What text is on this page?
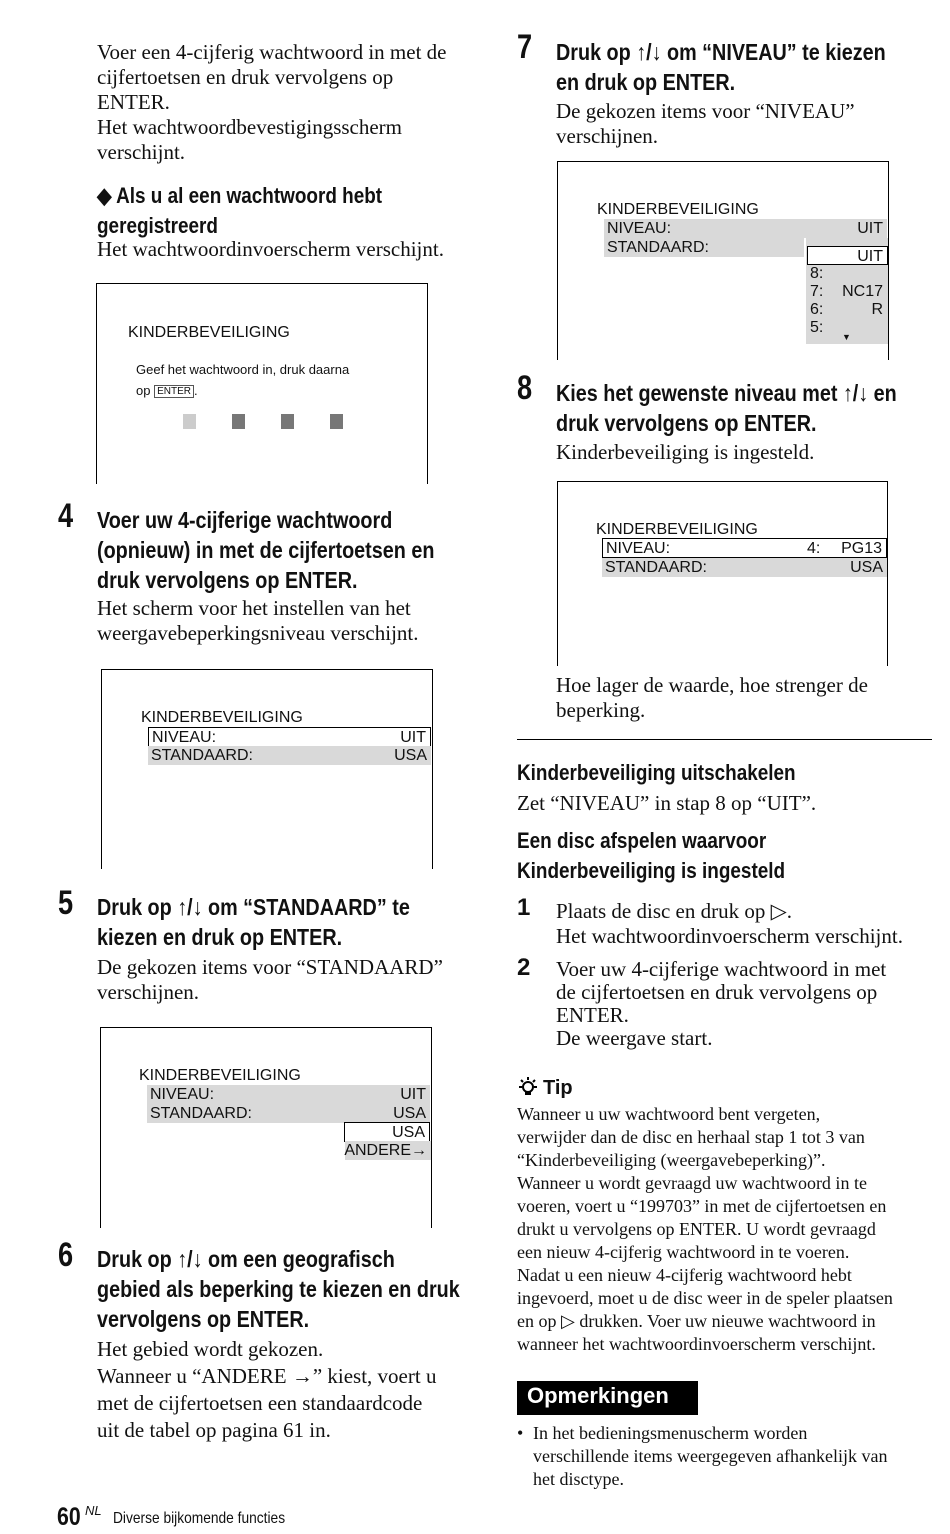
Voer een 4-cijferig wachtwoord in met de
cijfertoetsen en druk vervolgens op
ENTER.
Het wachtwoordbevestigingsscherm
verschijnt.
◆ Als u al een wachtwoord hebt
geregistreerd
Het wachtwoordinvoerscherm verschijnt.
KINDERBEVEILIGING
Geef het wachtwoord in, druk daarna
op ENTER .
4 Voer uw 4-cijferige wachtwoord
(opnieuw) in met de cijfertoetsen en
druk vervolgens op ENTER.
Het scherm voor het instellen van het
weergavebeperkingsniveau verschijnt.
KINDERBEVEILIGING
NIVEAU:	UIT
STANDAARD:	USA
5 Druk op ↑/↓ om “STANDAARD” te
kiezen en druk op ENTER.
De gekozen items voor “STANDAARD”
verschijnen.
KINDERBEVEILIGING
NIVEAU:	UIT
STANDAARD:	USA
USA
ANDERE→
6 Druk op ↑/↓ om een geografisch
gebied als beperking te kiezen en druk
vervolgens op ENTER.
Het gebied wordt gekozen.
Wanneer u “ANDERE →” kiest, voert u
met de cijfertoetsen een standaardcode
uit de tabel op pagina 61 in.
60 NL Diverse bijkomende functies
7 Druk op ↑/↓ om “NIVEAU” te kiezen
en druk op ENTER.
De gekozen items voor “NIVEAU”
verschijnen.
KINDERBEVEILIGING
NIVEAU:	UIT
STANDAARD:
UIT
8:
7: NC17
6:	R
5:
▼
8 Kies het gewenste niveau met ↑/↓ en
druk vervolgens op ENTER.
Kinderbeveiliging is ingesteld.
KINDERBEVEILIGING
NIVEAU:	4: PG13
STANDAARD:	USA
Hoe lager de waarde, hoe strenger de
beperking.
Kinderbeveiliging uitschakelen
Zet “NIVEAU” in stap 8 op “UIT”.
Een disc afspelen waarvoor
Kinderbeveiliging is ingesteld
1 Plaats de disc en druk op ▷.
Het wachtwoordinvoerscherm verschijnt.
2 Voer uw 4-cijferige wachtwoord in met
de cijfertoetsen en druk vervolgens op
ENTER.
De weergave start.
Tip
Wanneer u uw wachtwoord bent vergeten,
verwijder dan de disc en herhaal stap 1 tot 3 van
“Kinderbeveiliging (weergavebeperking)”.
Wanneer u wordt gevraagd uw wachtwoord in te
voeren, voert u “199703” in met de cijfertoetsen en
drukt u vervolgens op ENTER. U wordt gevraagd
een nieuw 4-cijferig wachtwoord in te voeren.
Nadat u een nieuw 4-cijferig wachtwoord hebt
ingevoerd, moet u de disc weer in de speler plaatsen
en op ▷ drukken. Voer uw nieuwe wachtwoord in
wanneer het wachtwoordinvoerscherm verschijnt.
Opmerkingen
• In het bedieningsmenuscherm worden
verschillende items weergegeven afhankelijk van
het disctype.
